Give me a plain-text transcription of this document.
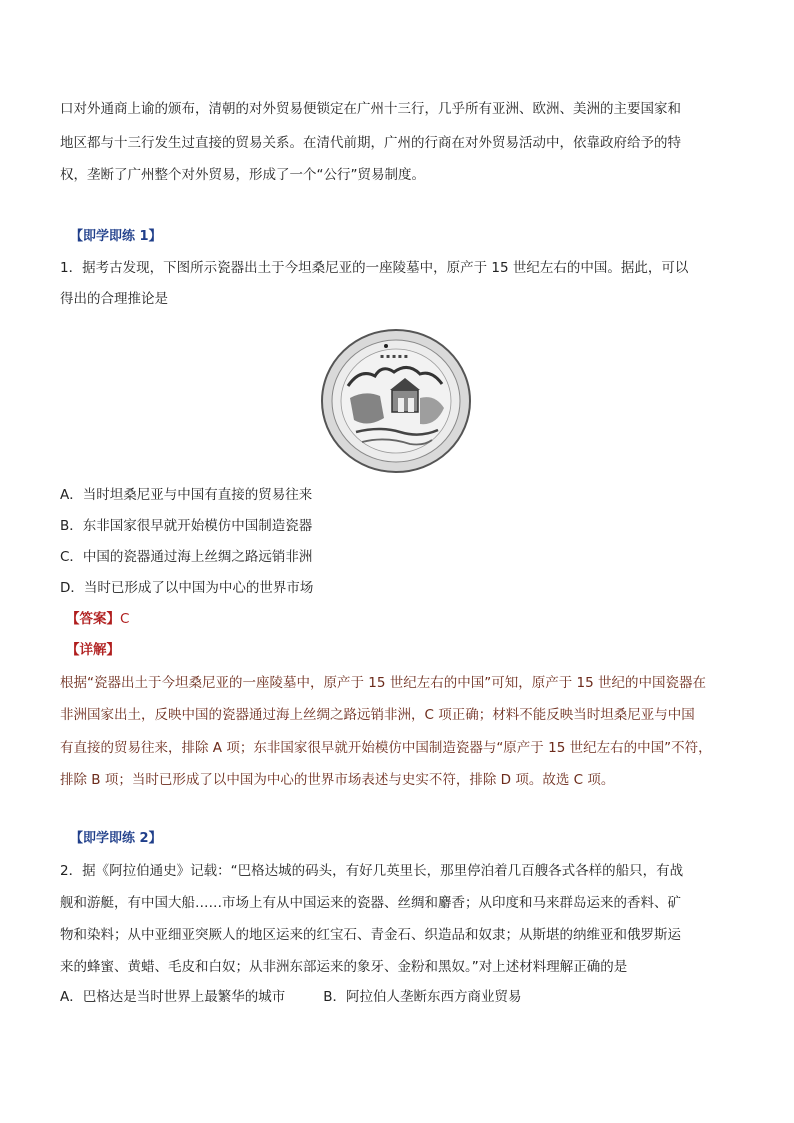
口对外通商上谕的颁布，清朝的对外贸易便锁定在广州十三行，几乎所有亚洲、欧洲、美洲的主要国家和

地区都与十三行发生过直接的贸易关系。在清代前期，广州的行商在对外贸易活动中，依靠政府给予的特

权，垄断了广州整个对外贸易，形成了一个“公行”贸易制度。

【即学即练 1】

1．据考古发现，下图所示瓷器出土于今坦桑尼亚的一座陵墓中，原产于 15 世纪左右的中国。据此，可以

得出的合理推论是

▪ ▪ ▪ ▪ ▪

A．当时坦桑尼亚与中国有直接的贸易往来

B．东非国家很早就开始模仿中国制造瓷器

C．中国的瓷器通过海上丝绸之路远销非洲

D．当时已形成了以中国为中心的世界市场

【答案】C

【详解】

根据“瓷器出土于今坦桑尼亚的一座陵墓中，原产于 15 世纪左右的中国”可知，原产于 15 世纪的中国瓷器在

非洲国家出土，反映中国的瓷器通过海上丝绸之路远销非洲，C 项正确；材料不能反映当时坦桑尼亚与中国

有直接的贸易往来，排除 A 项；东非国家很早就开始模仿中国制造瓷器与“原产于 15 世纪左右的中国”不符，

排除 B 项；当时已形成了以中国为中心的世界市场表述与史实不符，排除 D 项。故选 C 项。

【即学即练 2】

2．据《阿拉伯通史》记载：“巴格达城的码头，有好几英里长，那里停泊着几百艘各式各样的船只，有战

舰和游艇，有中国大船……市场上有从中国运来的瓷器、丝绸和麝香；从印度和马来群岛运来的香料、矿

物和染料；从中亚细亚突厥人的地区运来的红宝石、青金石、织造品和奴隶；从斯堪的纳维亚和俄罗斯运

来的蜂蜜、黄蜡、毛皮和白奴；从非洲东部运来的象牙、金粉和黑奴。”对上述材料理解正确的是

A．巴格达是当时世界上最繁华的城市	B．阿拉伯人垄断东西方商业贸易
